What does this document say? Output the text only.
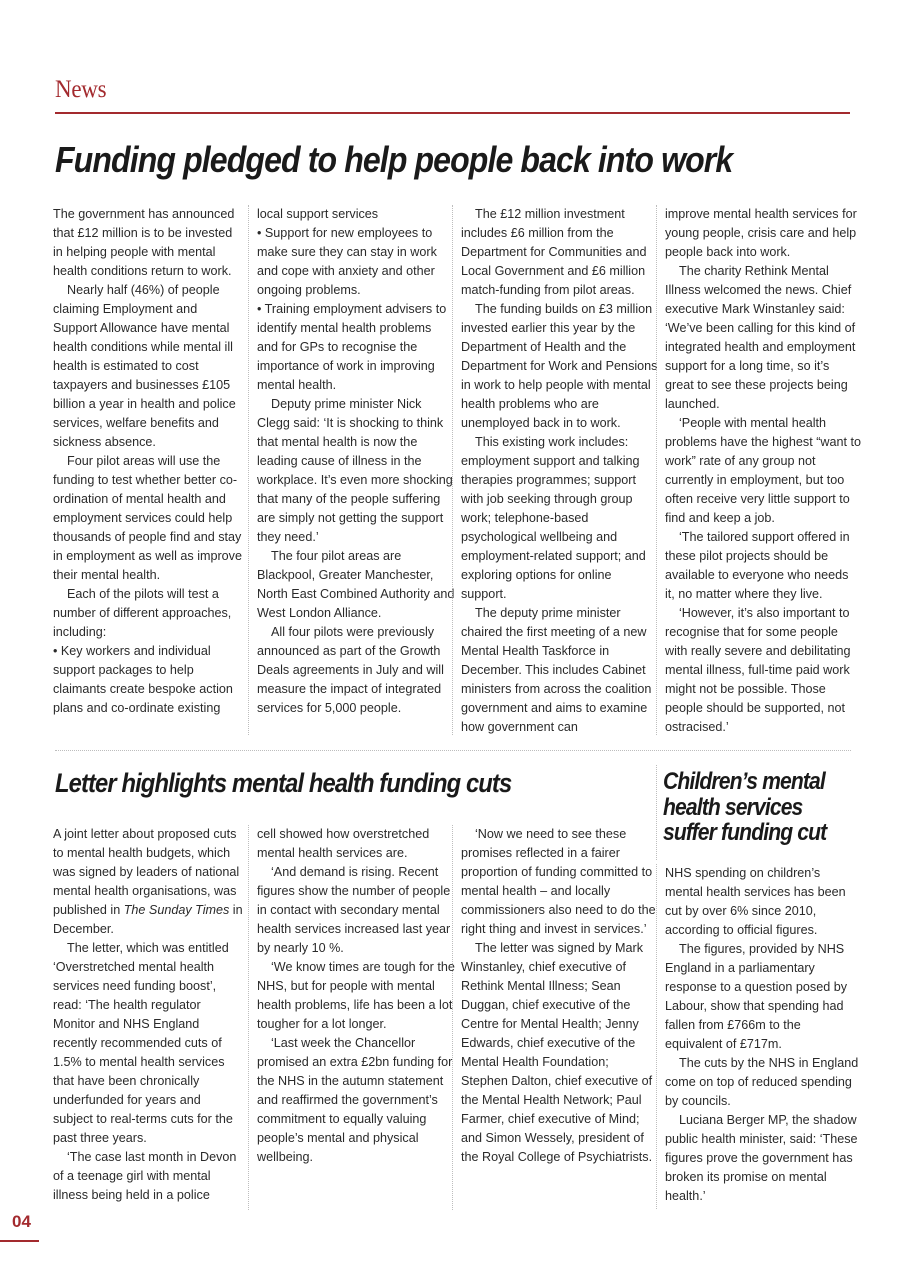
News
Funding pledged to help people back into work

The government has announced that £12 million is to be invested in helping people with mental health conditions return to work.

Nearly half (46%) of people claiming Employment and Support Allowance have mental health conditions while mental ill health is estimated to cost taxpayers and businesses £105 billion a year in health and police services, welfare benefits and sickness absence.

Four pilot areas will use the funding to test whether better co-ordination of mental health and employment services could help thousands of people find and stay in employment as well as improve their mental health.

Each of the pilots will test a number of different approaches, including:

• Key workers and individual support packages to help claimants create bespoke action plans and co-ordinate existing

local support services

• Support for new employees to make sure they can stay in work and cope with anxiety and other ongoing problems.

• Training employment advisers to identify mental health problems and for GPs to recognise the importance of work in improving mental health.

Deputy prime minister Nick Clegg said: ‘It is shocking to think that mental health is now the leading cause of illness in the workplace. It’s even more shocking that many of the people suffering are simply not getting the support they need.’

The four pilot areas are Blackpool, Greater Manchester, North East Combined Authority and West London Alliance.

All four pilots were previously announced as part of the Growth Deals agreements in July and will measure the impact of integrated services for 5,000 people.

The £12 million investment includes £6 million from the Department for Communities and Local Government and £6 million match-funding from pilot areas.

The funding builds on £3 million invested earlier this year by the Department of Health and the Department for Work and Pensions in work to help people with mental health problems who are unemployed back in to work.

This existing work includes: employment support and talking therapies programmes; support with job seeking through group work; telephone-based psychological wellbeing and employment-related support; and exploring options for online support.

The deputy prime minister chaired the first meeting of a new Mental Health Taskforce in December. This includes Cabinet ministers from across the coalition government and aims to examine how government can

improve mental health services for young people, crisis care and help people back into work.

The charity Rethink Mental Illness welcomed the news. Chief executive Mark Winstanley said: ‘We’ve been calling for this kind of integrated health and employment support for a long time, so it’s great to see these projects being launched.

‘People with mental health problems have the highest “want to work” rate of any group not currently in employment, but too often receive very little support to find and keep a job.

‘The tailored support offered in these pilot projects should be available to everyone who needs it, no matter where they live.

‘However, it’s also important to recognise that for some people with really severe and debilitating mental illness, full-time paid work might not be possible. Those people should be supported, not ostracised.’

Letter highlights mental health funding cuts

A joint letter about proposed cuts to mental health budgets, which was signed by leaders of national mental health organisations, was published in The Sunday Times in December.

The letter, which was entitled ‘Overstretched mental health services need funding boost’, read: ‘The health regulator Monitor and NHS England recently recommended cuts of 1.5% to mental health services that have been chronically underfunded for years and subject to real-terms cuts for the past three years.

‘The case last month in Devon of a teenage girl with mental illness being held in a police

cell showed how overstretched mental health services are.

‘And demand is rising. Recent figures show the number of people in contact with secondary mental health services increased last year by nearly 10 %.

‘We know times are tough for the NHS, but for people with mental health problems, life has been a lot tougher for a lot longer.

‘Last week the Chancellor promised an extra £2bn funding for the NHS in the autumn statement and reaffirmed the government’s commitment to equally valuing people’s mental and physical wellbeing.

‘Now we need to see these promises reflected in a fairer proportion of funding committed to mental health – and locally commissioners also need to do the right thing and invest in services.’

The letter was signed by Mark Winstanley, chief executive of Rethink Mental Illness; Sean Duggan, chief executive of the Centre for Mental Health; Jenny Edwards, chief executive of the Mental Health Foundation; Stephen Dalton, chief executive of the Mental Health Network; Paul Farmer, chief executive of Mind; and Simon Wessely, president of the Royal College of Psychiatrists.

NHS spending on children’s mental health services has been cut by over 6% since 2010, according to official figures.

The figures, provided by NHS England in a parliamentary response to a question posed by Labour, show that spending had fallen from £766m to the equivalent of £717m.

The cuts by the NHS in England come on top of reduced spending by councils.

Luciana Berger MP, the shadow public health minister, said: ‘These figures prove the government has broken its promise on mental health.’

Children’s mental health services suffer funding cut
04
